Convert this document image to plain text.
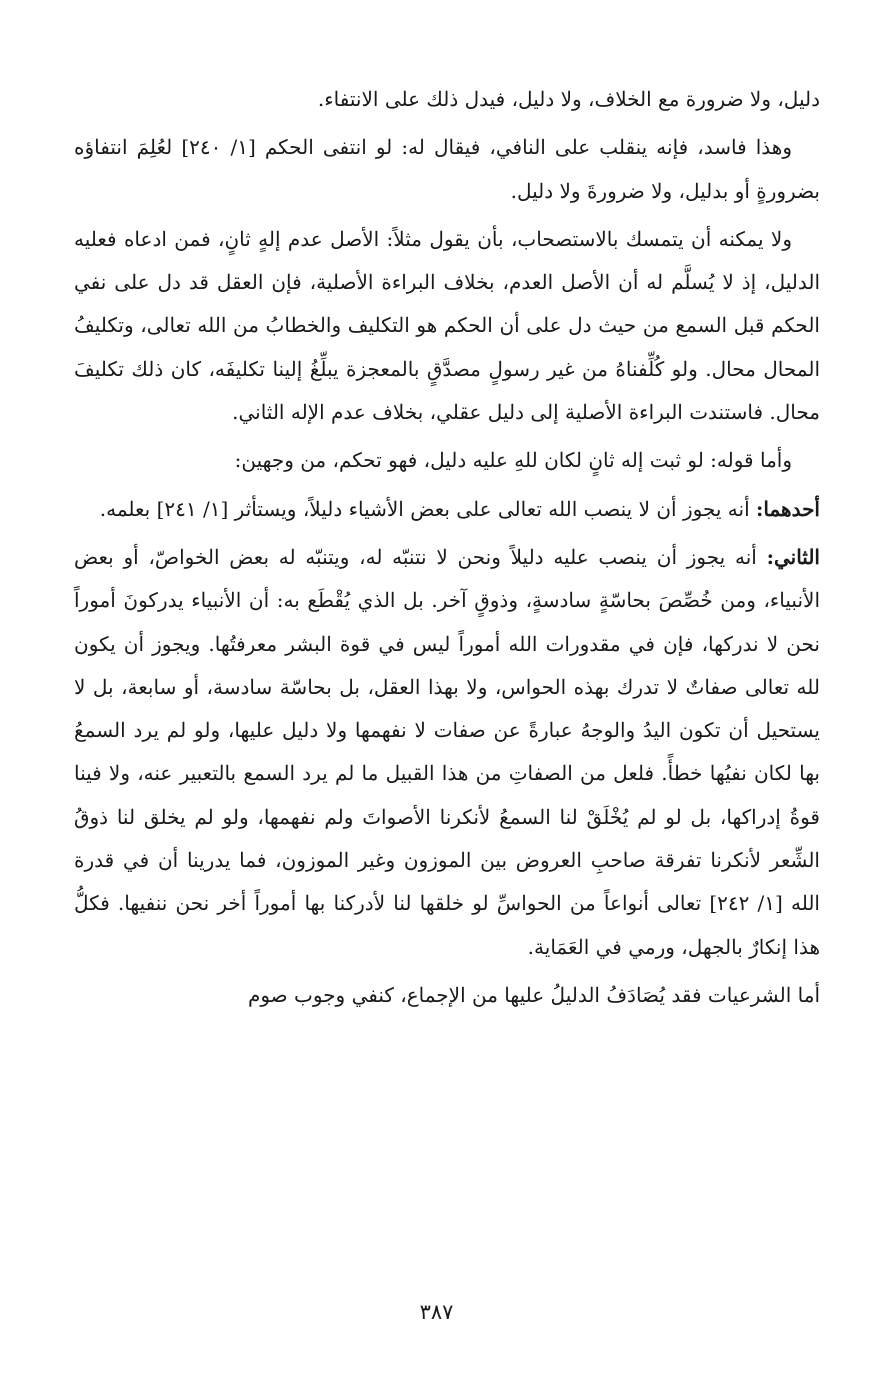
دليل، ولا ضرورة مع الخلاف، ولا دليل، فيدل ذلك على الانتفاء.

وهذا فاسد، فإنه ينقلب على النافي، فيقال له: لو انتفى الحكم [١/ ٢٤٠] لعُلِمَ انتفاؤه بضرورةٍ أو بدليل، ولا ضرورةَ ولا دليل.

ولا يمكنه أن يتمسك بالاستصحاب، بأن يقول مثلاً: الأصل عدم إلهٍ ثانٍ، فمن ادعاه فعليه الدليل، إذ لا يُسلَّم له أن الأصل العدم، بخلاف البراءة الأصلية، فإن العقل قد دل على نفي الحكم قبل السمع من حيث دل على أن الحكم هو التكليف والخطابُ من الله تعالى، وتكليفُ المحال محال. ولو كُلِّفناهُ من غير رسولٍ مصدَّقٍ بالمعجزة يبلِّغُ إلينا تكليفَه، كان ذلك تكليفَ محال. فاستندت البراءة الأصلية إلى دليل عقلي، بخلاف عدم الإله الثاني.

وأما قوله: لو ثبت إله ثانٍ لكان للهِ عليه دليل، فهو تحكم، من وجهين:

أحدهما: أنه يجوز أن لا ينصب الله تعالى على بعض الأشياء دليلاً، ويستأثر [١/ ٢٤١] بعلمه.

الثاني: أنه يجوز أن ينصب عليه دليلاً ونحن لا نتنبّه له، ويتنبّه له بعض الخواصّ، أو بعض الأنبياء، ومن خُصِّصَ بحاسّةٍ سادسةٍ، وذوقٍ آخر. بل الذي يُقْطَع به: أن الأنبياء يدركونَ أموراً نحن لا ندركها، فإن في مقدورات الله أموراً ليس في قوة البشر معرفتُها. ويجوز أن يكون لله تعالى صفاتٌ لا تدرك بهذه الحواس، ولا بهذا العقل، بل بحاسّة سادسة، أو سابعة، بل لا يستحيل أن تكون اليدُ والوجهُ عبارةً عن صفات لا نفهمها ولا دليل عليها، ولو لم يرد السمعُ بها لكان نفيُها خطأً. فلعل من الصفاتِ من هذا القبيل ما لم يرد السمع بالتعبير عنه، ولا فينا قوةُ إدراكها، بل لو لم يُخْلَقْ لنا السمعُ لأنكرنا الأصواتَ ولم نفهمها، ولو لم يخلق لنا ذوقُ الشِّعر لأنكرنا تفرقة صاحبِ العروض بين الموزون وغير الموزون، فما يدرينا أن في قدرة الله [١/ ٢٤٢] تعالى أنواعاً من الحواسِّ لو خلقها لنا لأدركنا بها أموراً أخر نحن ننفيها. فكلُّ هذا إنكارٌ بالجهل، ورمي في العَمَاية.

أما الشرعيات فقد يُصَادَفُ الدليلُ عليها من الإجماع، كنفي وجوب صوم

٣٨٧
